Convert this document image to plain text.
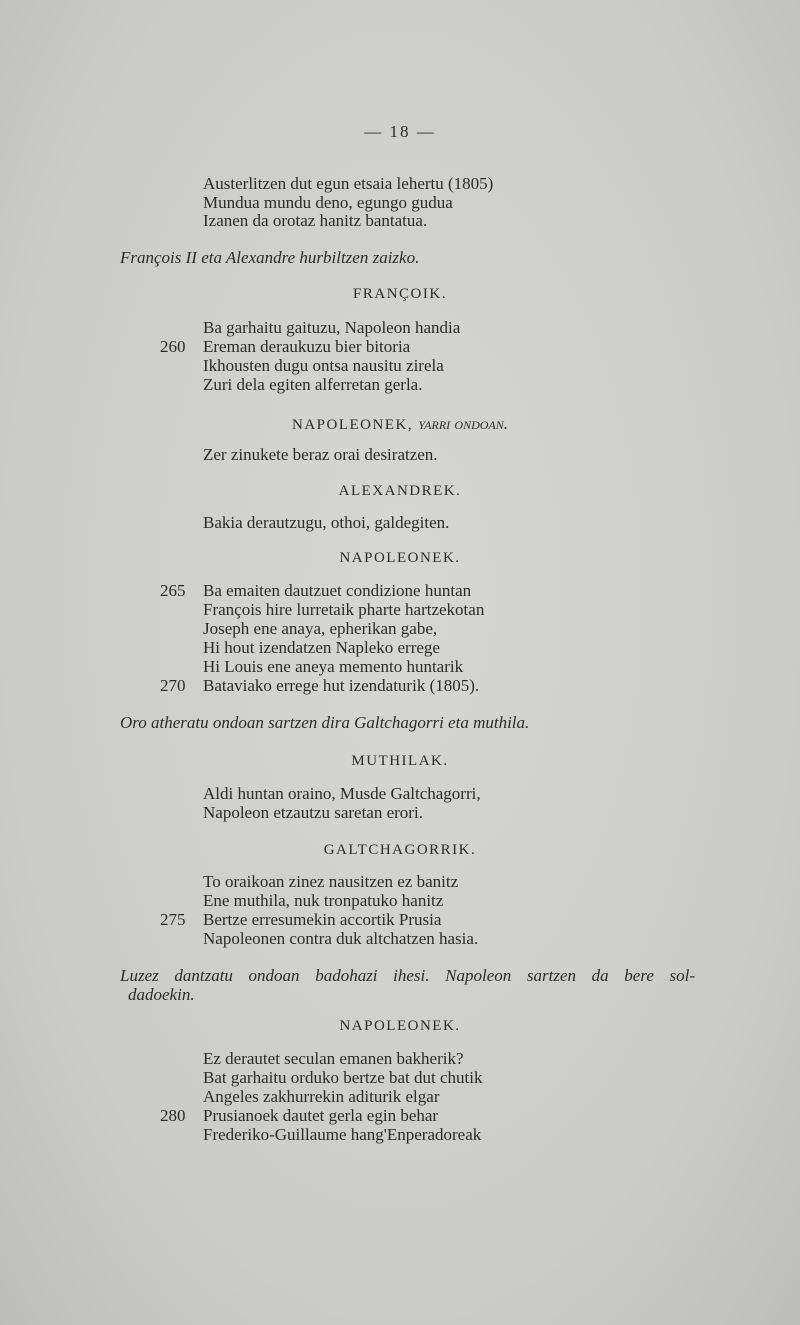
— 18 —
Austerlitzen dut egun etsaia lehertu (1805)
Mundua mundu deno, egungo gudua
Izanen da orotaz hanitz bantatua.
François II eta Alexandre hurbiltzen zaizko.
FRANÇOIK.
Ba garhaitu gaituzu, Napoleon handia
260 Ereman deraukuzu bier bitoria
Ikhousten dugu ontsa nausitu zirela
Zuri dela egiten alferretan gerla.
NAPOLEONEK, yarri ondoan.
Zer zinukete beraz orai desiratzen.
ALEXANDREK.
Bakia derautzugu, othoi, galdegiten.
NAPOLEONEK.
265 Ba emaiten dautzuet condizione huntan
François hire lurretaik pharte hartzekotan
Joseph ene anaya, epherikan gabe,
Hi hout izendatzen Napleko errege
Hi Louis ene aneya memento huntarik
270 Bataviako errege hut izendaturik (1805).
Oro atheratu ondoan sartzen dira Galtchagorri eta muthila.
MUTHILAK.
Aldi huntan oraino, Musde Galtchagorri,
Napoleon etzautzu saretan erori.
GALTCHAGORRIK.
To oraikoan zinez nausitzen ez banitz
Ene muthila, nuk tronpatuko hanitz
275 Bertze erresumekin accortik Prusia
Napoleonen contra duk altchatzen hasia.
Luzez dantzatu ondoan badohazi ihesi. Napoleon sartzen da bere sol-
dadoekin.
NAPOLEONEK.
Ez derautet seculan emanen bakherik?
Bat garhaitu orduko bertze bat dut chutik
Angeles zakhurrekin aditurik elgar
280 Prusianoek dautet gerla egin behar
Frederiko-Guillaume hang'Enperadoreak
